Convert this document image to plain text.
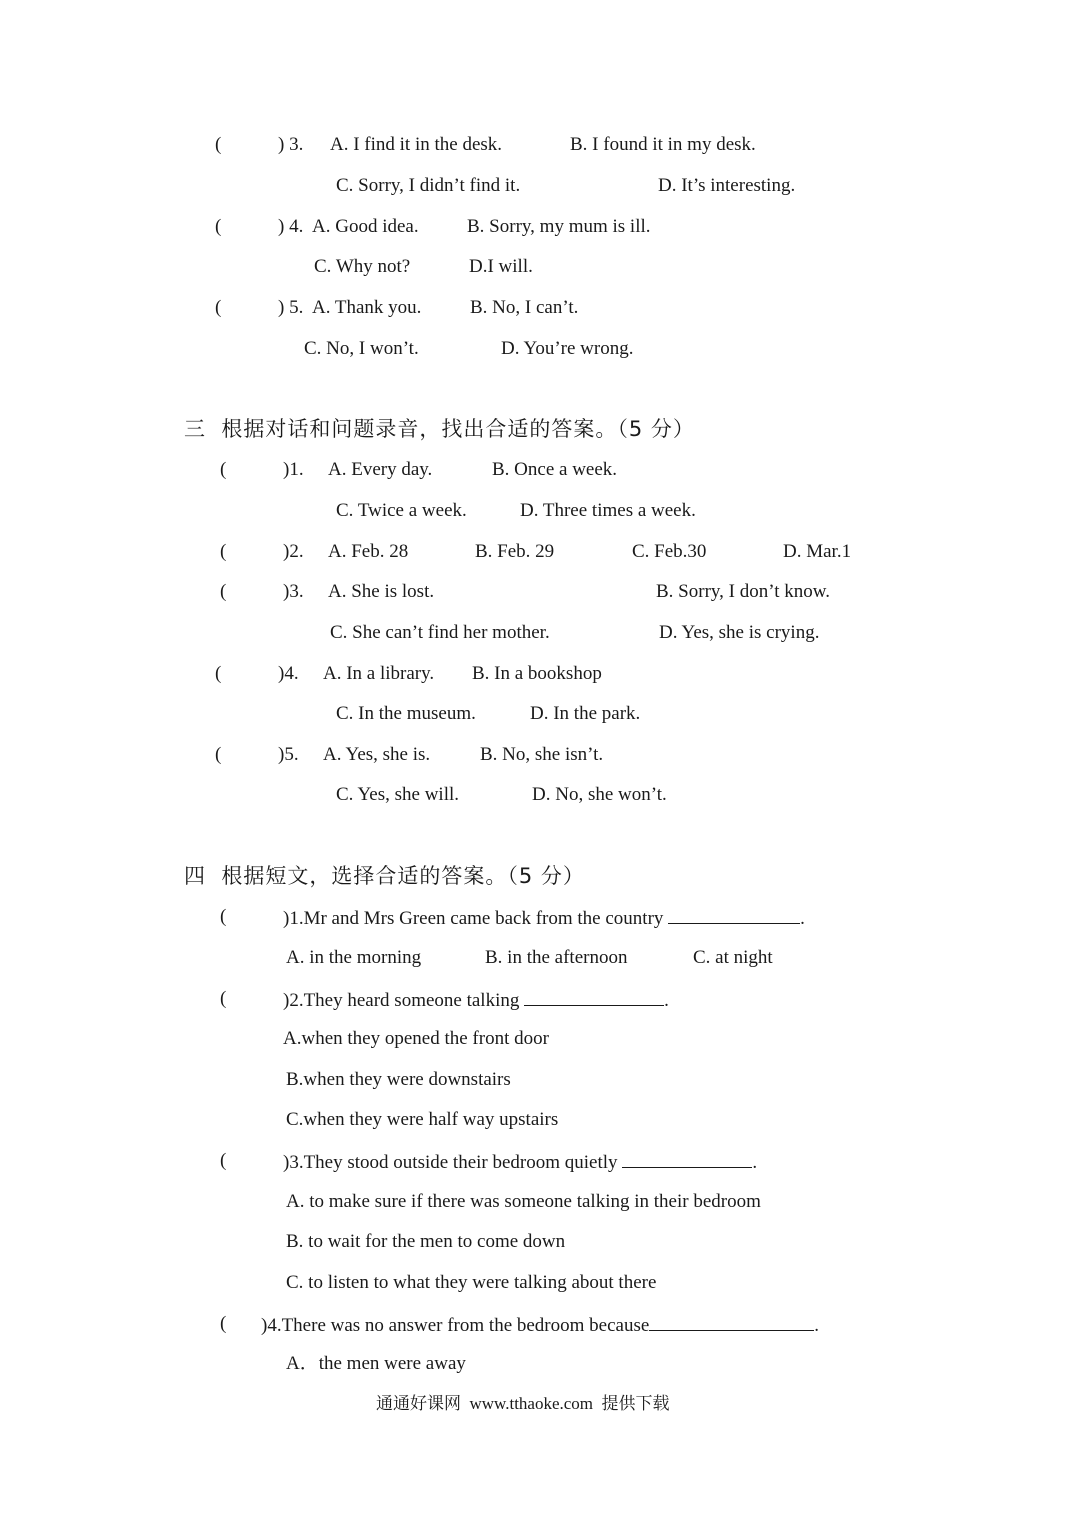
(	) 3. A. I find it in the desk.	B. I found it in my desk.
C. Sorry, I didn’t find it.	D. It’s interesting.
(	) 4. A. Good idea.	B. Sorry, my mum is ill.
C. Why not?	D.I will.
(	) 5. A. Thank you.	B. No, I can’t.
C. No, I won’t.	D. You’re wrong.
三  根据对话和问题录音，找出合适的答案。（5 分）
(	)1. A. Every day.	B. Once a week.
C. Twice a week.	D. Three times a week.
(	)2. A. Feb. 28	B. Feb. 29	C. Feb.30	D. Mar.1
(	)3. A. She is lost.	B. Sorry, I don’t know.
C. She can’t find her mother.	D. Yes, she is crying.
(	)4. A. In a library. B. In a bookshop
C. In the museum.	D. In the park.
(	)5. A. Yes, she is.	B. No, she isn’t.
C. Yes, she will.	D. No, she won’t.
四  根据短文，选择合适的答案。（5 分）
(	)1.Mr and Mrs Green came back from the country	.
A. in the morning	B. in the afternoon	C. at night
(	)2.They heard someone talking	.
A.when they opened the front door
B.when they were downstairs
C.when they were half way upstairs
(	)3.They stood outside their bedroom quietly	.
A. to make sure if there was someone talking in their bedroom
B. to wait for the men to come down
C. to listen to what they were talking about there
( )4.There was no answer from the bedroom because	.
A．the men were away
通通好课网  www.tthaoke.com  提供下载
